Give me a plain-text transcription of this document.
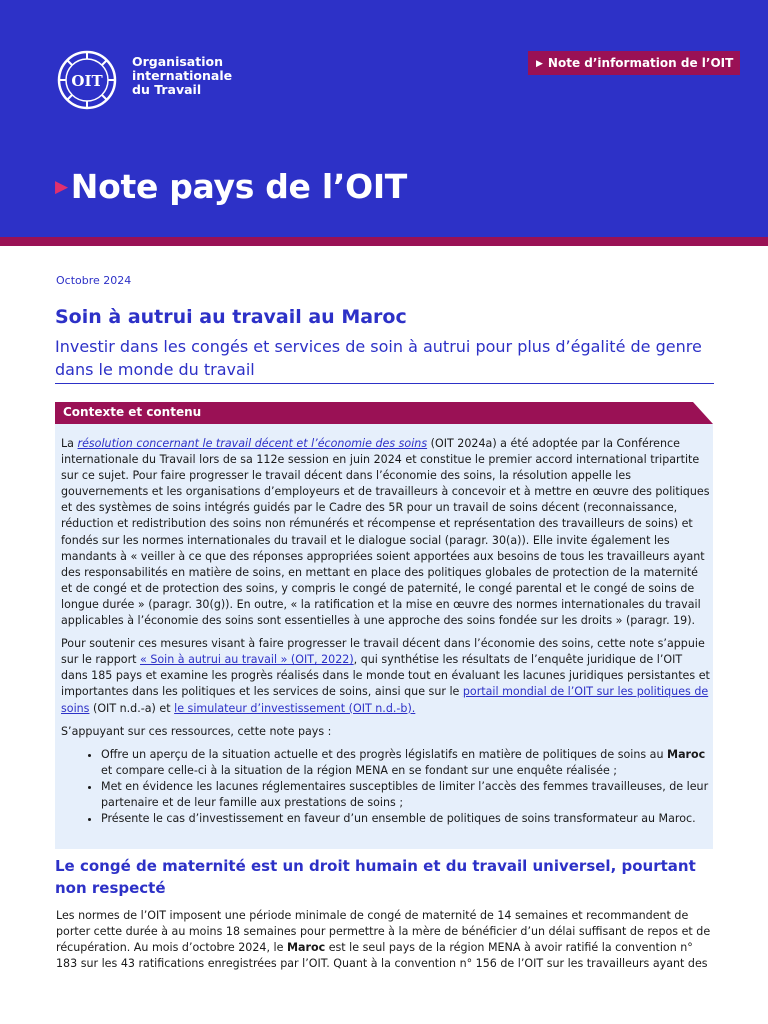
OIT
Organisation
internationale
du Travail
▶ Note d’information de l’OIT
▶Note pays de l’OIT
Octobre 2024
Soin à autrui au travail au Maroc
Investir dans les congés et services de soin à autrui pour plus d’égalité de genre dans le monde du travail
Contexte et contenu

La résolution concernant le travail décent et l’économie des soins (OIT 2024a) a été adoptée par la Conférence internationale du Travail lors de sa 112e session en juin 2024 et constitue le premier accord international tripartite sur ce sujet. Pour faire progresser le travail décent dans l’économie des soins, la résolution appelle les gouvernements et les organisations d’employeurs et de travailleurs à concevoir et à mettre en œuvre des politiques et des systèmes de soins intégrés guidés par le Cadre des 5R pour un travail de soins décent (reconnaissance, réduction et redistribution des soins non rémunérés et récompense et représentation des travailleurs de soins) et fondés sur les normes internationales du travail et le dialogue social (paragr. 30(a)). Elle invite également les mandants à « veiller à ce que des réponses appropriées soient apportées aux besoins de tous les travailleurs ayant des responsabilités en matière de soins, en mettant en place des politiques globales de protection de la maternité et de congé et de protection des soins, y compris le congé de paternité, le congé parental et le congé de soins de longue durée » (paragr. 30(g)). En outre, « la ratification et la mise en œuvre des normes internationales du travail applicables à l’économie des soins sont essentielles à une approche des soins fondée sur les droits » (paragr. 19).

Pour soutenir ces mesures visant à faire progresser le travail décent dans l’économie des soins, cette note s’appuie sur le rapport « Soin à autrui au travail » (OIT, 2022), qui synthétise les résultats de l’enquête juridique de l’OIT dans 185 pays et examine les progrès réalisés dans le monde tout en évaluant les lacunes juridiques persistantes et importantes dans les politiques et les services de soins, ainsi que sur le portail mondial de l’OIT sur les politiques de soins (OIT n.d.-a) et le simulateur d’investissement (OIT n.d.-b).

S’appuyant sur ces ressources, cette note pays :

• Offre un aperçu de la situation actuelle et des progrès législatifs en matière de politiques de soins au Maroc et compare celle-ci à la situation de la région MENA en se fondant sur une enquête réalisée ;
• Met en évidence les lacunes réglementaires susceptibles de limiter l’accès des femmes travailleuses, de leur partenaire et de leur famille aux prestations de soins ;
• Présente le cas d’investissement en faveur d’un ensemble de politiques de soins transformateur au Maroc.
Le congé de maternité est un droit humain et du travail universel, pourtant non respecté

Les normes de l’OIT imposent une période minimale de congé de maternité de 14 semaines et recommandent de porter cette durée à au moins 18 semaines pour permettre à la mère de bénéficier d’un délai suffisant de repos et de récupération. Au mois d’octobre 2024, le Maroc est le seul pays de la région MENA à avoir ratifié la convention n° 183 sur les 43 ratifications enregistrées par l’OIT. Quant à la convention n° 156 de l’OIT sur les travailleurs ayant des
